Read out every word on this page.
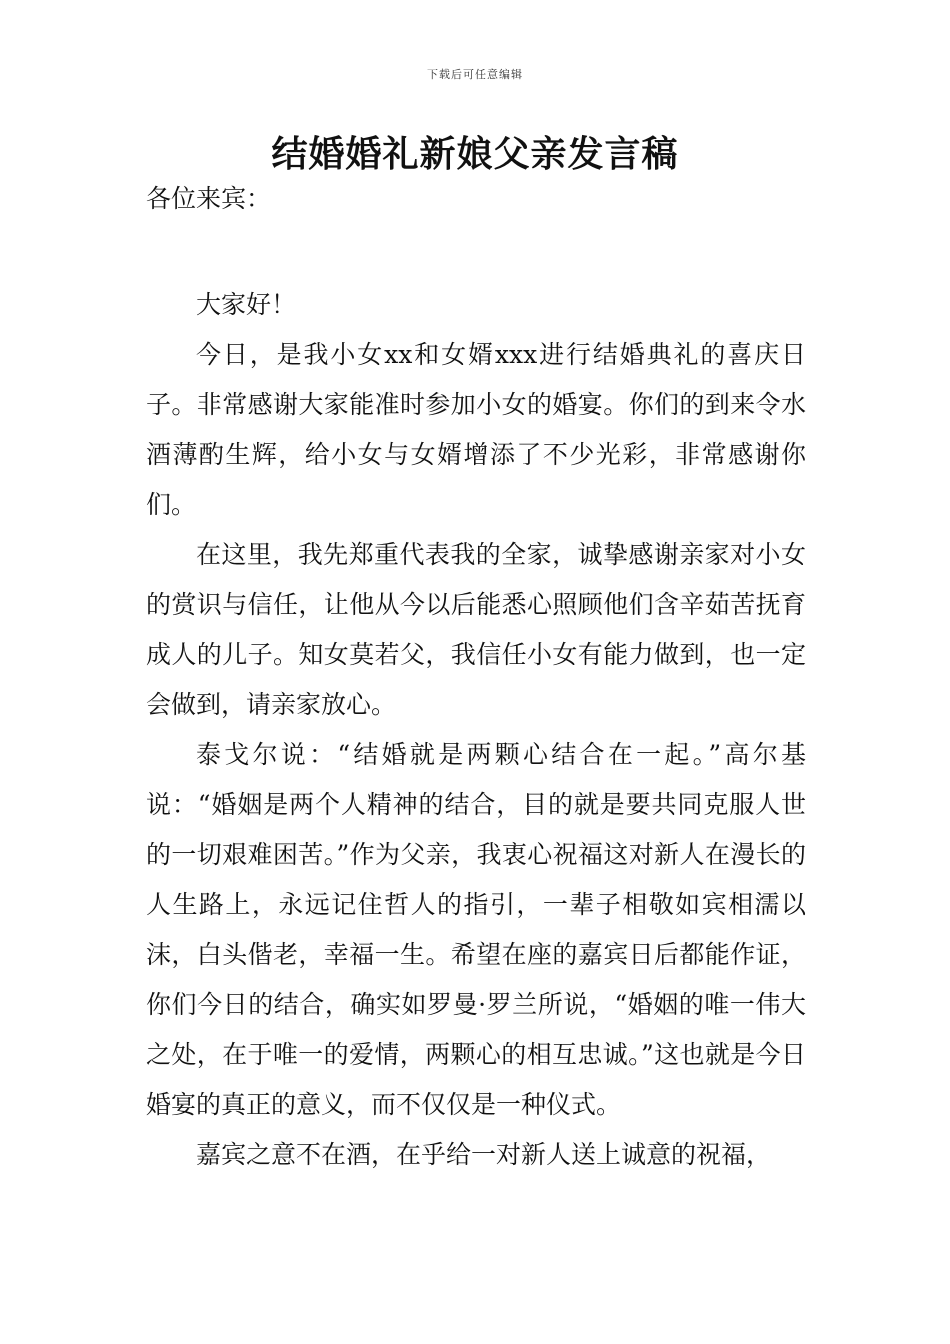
下载后可任意编辑
结婚婚礼新娘父亲发言稿

各位来宾：

大家好！

今日，是我小女xx和女婿xxx进行结婚典礼的喜庆日子。非常感谢大家能准时参加小女的婚宴。你们的到来令水酒薄酌生辉，给小女与女婿增添了不少光彩，非常感谢你们。

在这里，我先郑重代表我的全家，诚挚感谢亲家对小女的赏识与信任，让他从今以后能悉心照顾他们含辛茹苦抚育成人的儿子。知女莫若父，我信任小女有能力做到，也一定会做到，请亲家放心。

泰戈尔说：“结婚就是两颗心结合在一起。”高尔基说：“婚姻是两个人精神的结合，目的就是要共同克服人世的一切艰难困苦。”作为父亲，我衷心祝福这对新人在漫长的人生路上，永远记住哲人的指引，一辈子相敬如宾相濡以沫，白头偕老，幸福一生。希望在座的嘉宾日后都能作证，你们今日的结合，确实如罗曼·罗兰所说，“婚姻的唯一伟大之处，在于唯一的爱情，两颗心的相互忠诚。”这也就是今日婚宴的真正的意义，而不仅仅是一种仪式。

嘉宾之意不在酒，在乎给一对新人送上诚意的祝福，
